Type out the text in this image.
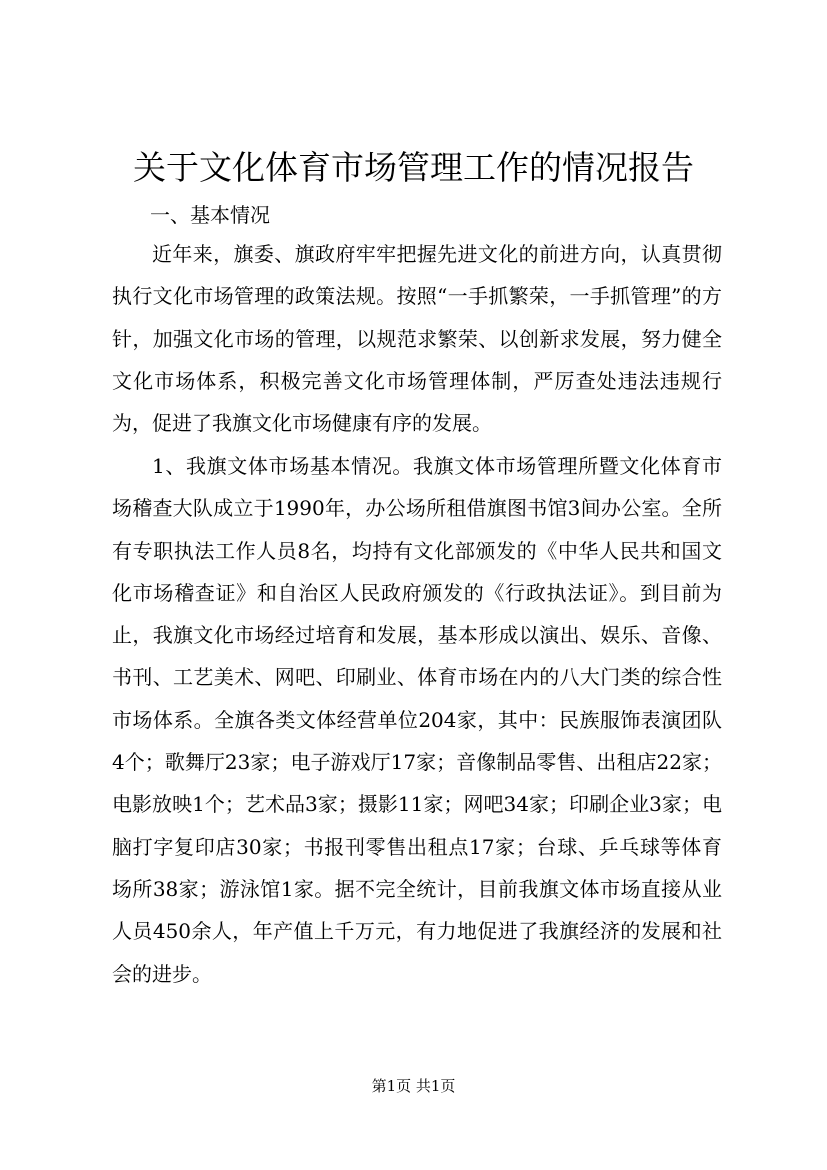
关于文化体育市场管理工作的情况报告
一、基本情况

近年来，旗委、旗政府牢牢把握先进文化的前进方向，认真贯彻执行文化市场管理的政策法规。按照“一手抓繁荣，一手抓管理”的方针，加强文化市场的管理，以规范求繁荣、以创新求发展，努力健全文化市场体系，积极完善文化市场管理体制，严厉查处违法违规行为，促进了我旗文化市场健康有序的发展。

1、我旗文体市场基本情况。我旗文体市场管理所暨文化体育市场稽查大队成立于1990年，办公场所租借旗图书馆3间办公室。全所有专职执法工作人员8名，均持有文化部颁发的《中华人民共和国文化市场稽查证》和自治区人民政府颁发的《行政执法证》。到目前为止，我旗文化市场经过培育和发展，基本形成以演出、娱乐、音像、书刊、工艺美术、网吧、印刷业、体育市场在内的八大门类的综合性市场体系。全旗各类文体经营单位204家，其中：民族服饰表演团队4个；歌舞厅23家；电子游戏厅17家；音像制品零售、出租店22家；电影放映1个；艺术品3家；摄影11家；网吧34家；印刷企业3家；电脑打字复印店30家；书报刊零售出租点17家；台球、乒乓球等体育场所38家；游泳馆1家。据不完全统计，目前我旗文体市场直接从业人员450余人，年产值上千万元，有力地促进了我旗经济的发展和社会的进步。

第1页 共1页
